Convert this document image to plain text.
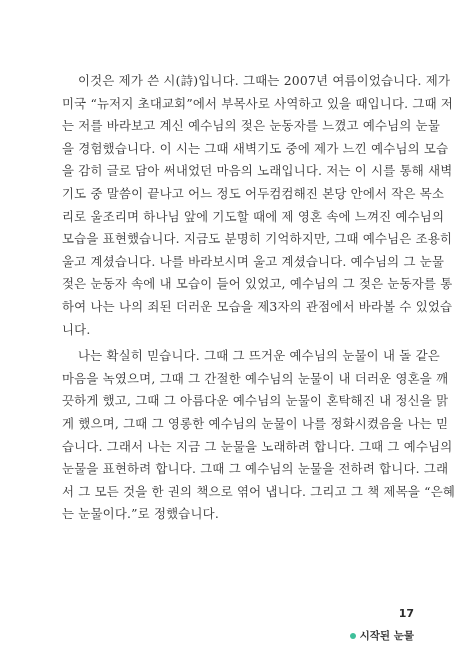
이것은 제가 쓴 시(詩)입니다. 그때는 2007년 여름이었습니다. 제가
미국 “뉴저지 초대교회”에서 부목사로 사역하고 있을 때입니다. 그때 저
는 저를 바라보고 계신 예수님의 젖은 눈동자를 느꼈고 예수님의 눈물
을 경험했습니다. 이 시는 그때 새벽기도 중에 제가 느낀 예수님의 모습
을 감히 글로 담아 써내었던 마음의 노래입니다. 저는 이 시를 통해 새벽
기도 중 말씀이 끝나고 어느 정도 어두컴컴해진 본당 안에서 작은 목소
리로 울조리며 하나님 앞에 기도할 때에 제 영혼 속에 느껴진 예수님의
모습을 표현했습니다. 지금도 분명히 기억하지만, 그때 예수님은 조용히
울고 계셨습니다. 나를 바라보시며 울고 계셨습니다. 예수님의 그 눈물
젖은 눈동자 속에 내 모습이 들어 있었고, 예수님의 그 젖은 눈동자를 통
하여 나는 나의 죄된 더러운 모습을 제3자의 관점에서 바라볼 수 있었습
니다.
나는 확실히 믿습니다. 그때 그 뜨거운 예수님의 눈물이 내 돌 같은
마음을 녹였으며, 그때 그 간절한 예수님의 눈물이 내 더러운 영혼을 깨
끗하게 했고, 그때 그 아름다운 예수님의 눈물이 혼탁해진 내 정신을 맑
게 했으며, 그때 그 영롱한 예수님의 눈물이 나를 정화시켰음을 나는 믿
습니다. 그래서 나는 지금 그 눈물을 노래하려 합니다. 그때 그 예수님의
눈물을 표현하려 합니다. 그때 그 예수님의 눈물을 전하려 합니다. 그래
서 그 모든 것을 한 권의 책으로 엮어 냅니다. 그리고 그 책 제목을 “은혜
는 눈물이다.”로 정했습니다.
17
시작된 눈물
